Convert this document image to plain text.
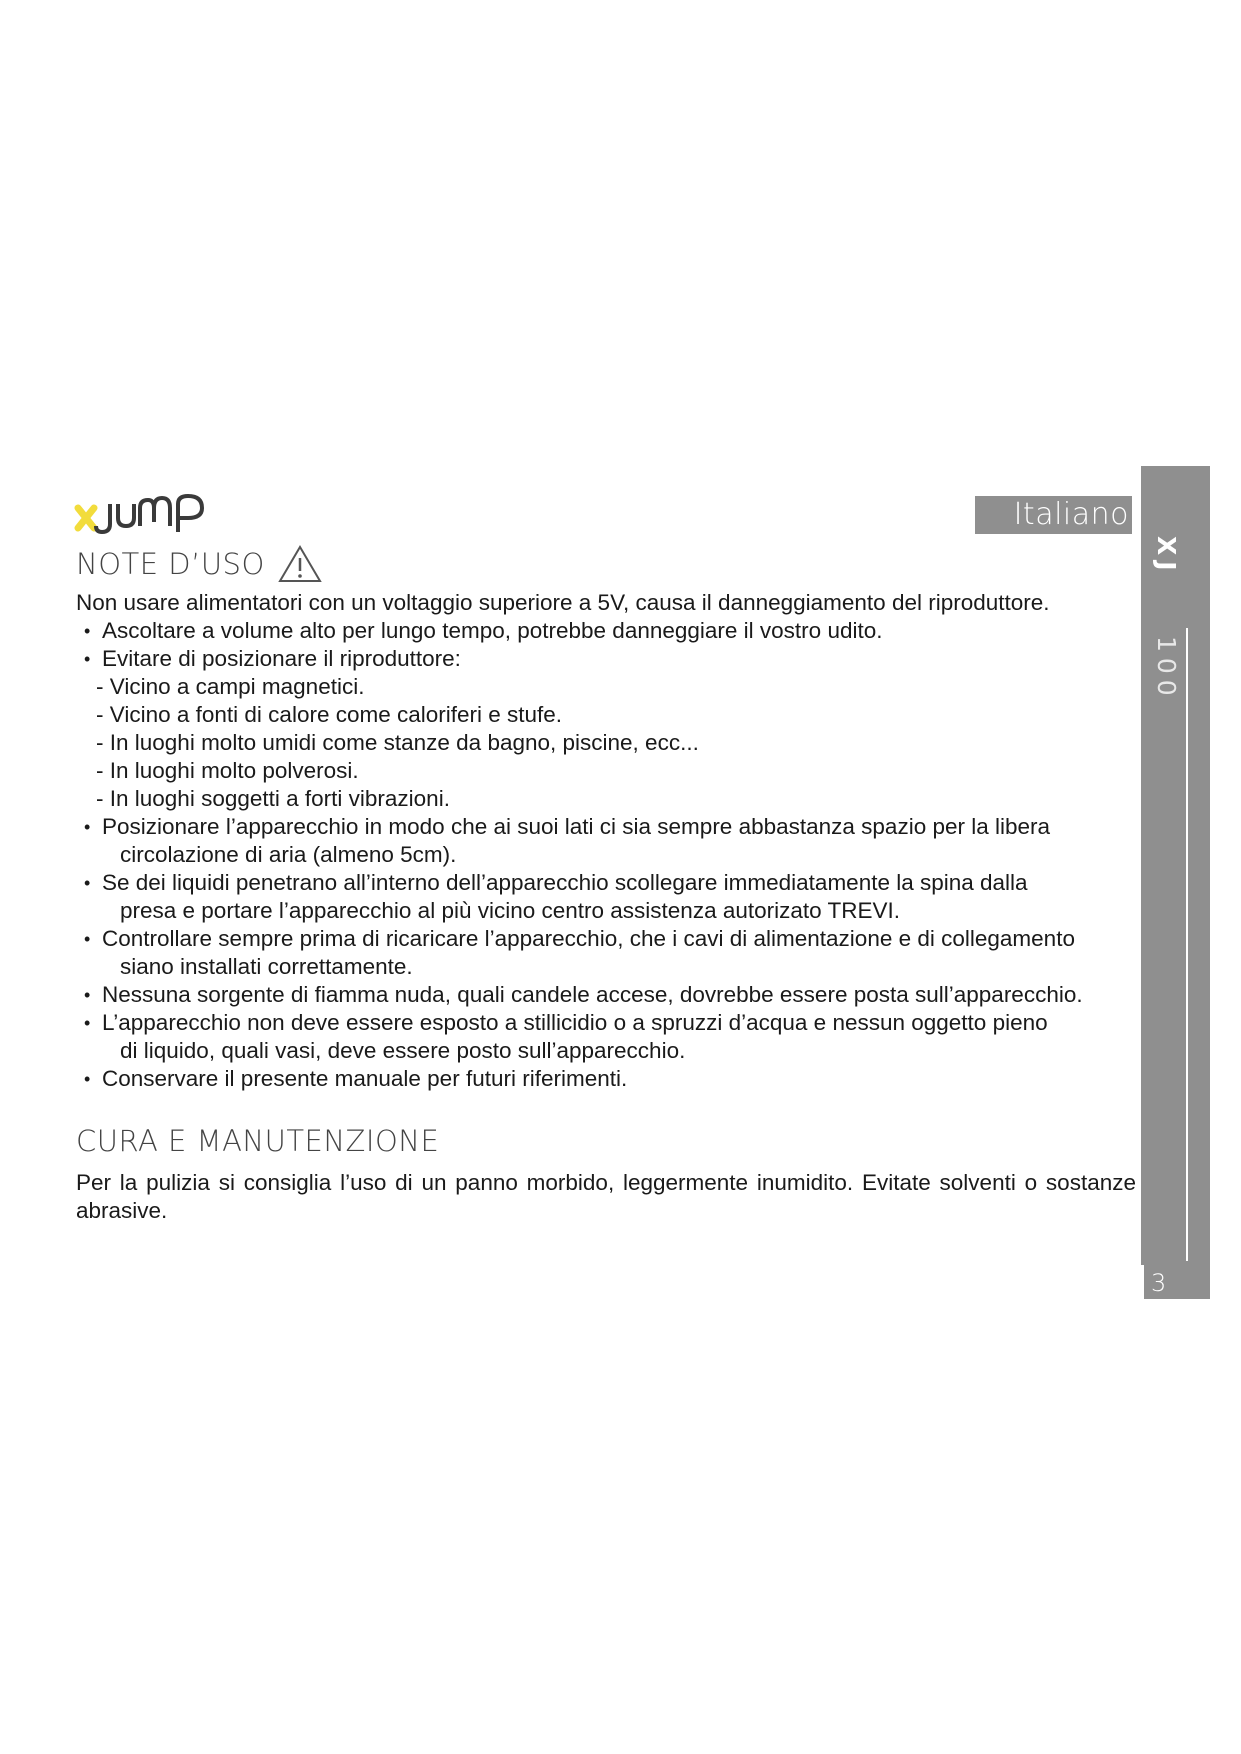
Italiano
XJ
100
3
NOTE D’USO

Non usare alimentatori con un voltaggio superiore a 5V, causa il danneggiamento del riproduttore.

• Ascoltare a volume alto per lungo tempo, potrebbe danneggiare il vostro udito.
• Evitare di posizionare il riproduttore:
- Vicino a campi magnetici.
- Vicino a fonti di calore come caloriferi e stufe.
- In luoghi molto umidi come stanze da bagno, piscine, ecc...
- In luoghi molto polverosi.
- In luoghi soggetti a forti vibrazioni.
• Posizionare l’apparecchio in modo che ai suoi lati ci sia sempre abbastanza spazio per la libera
circolazione di aria (almeno 5cm).
• Se dei liquidi penetrano all’interno dell’apparecchio scollegare immediatamente la spina dalla
presa e portare l’apparecchio al più vicino centro assistenza autorizato TREVI.
• Controllare sempre prima di ricaricare l’apparecchio, che i cavi di alimentazione e di collegamento
siano installati correttamente.
• Nessuna sorgente di fiamma nuda, quali candele accese, dovrebbe essere posta sull’apparecchio.
• L’apparecchio non deve essere esposto a stillicidio o a spruzzi d’acqua e nessun oggetto pieno
di liquido, quali vasi, deve essere posto sull’apparecchio.
• Conservare il presente manuale per futuri riferimenti.
CURA E MANUTENZIONE

Per la pulizia si consiglia l’uso di un panno morbido, leggermente inumidito. Evitate solventi o sostanze abrasive.
